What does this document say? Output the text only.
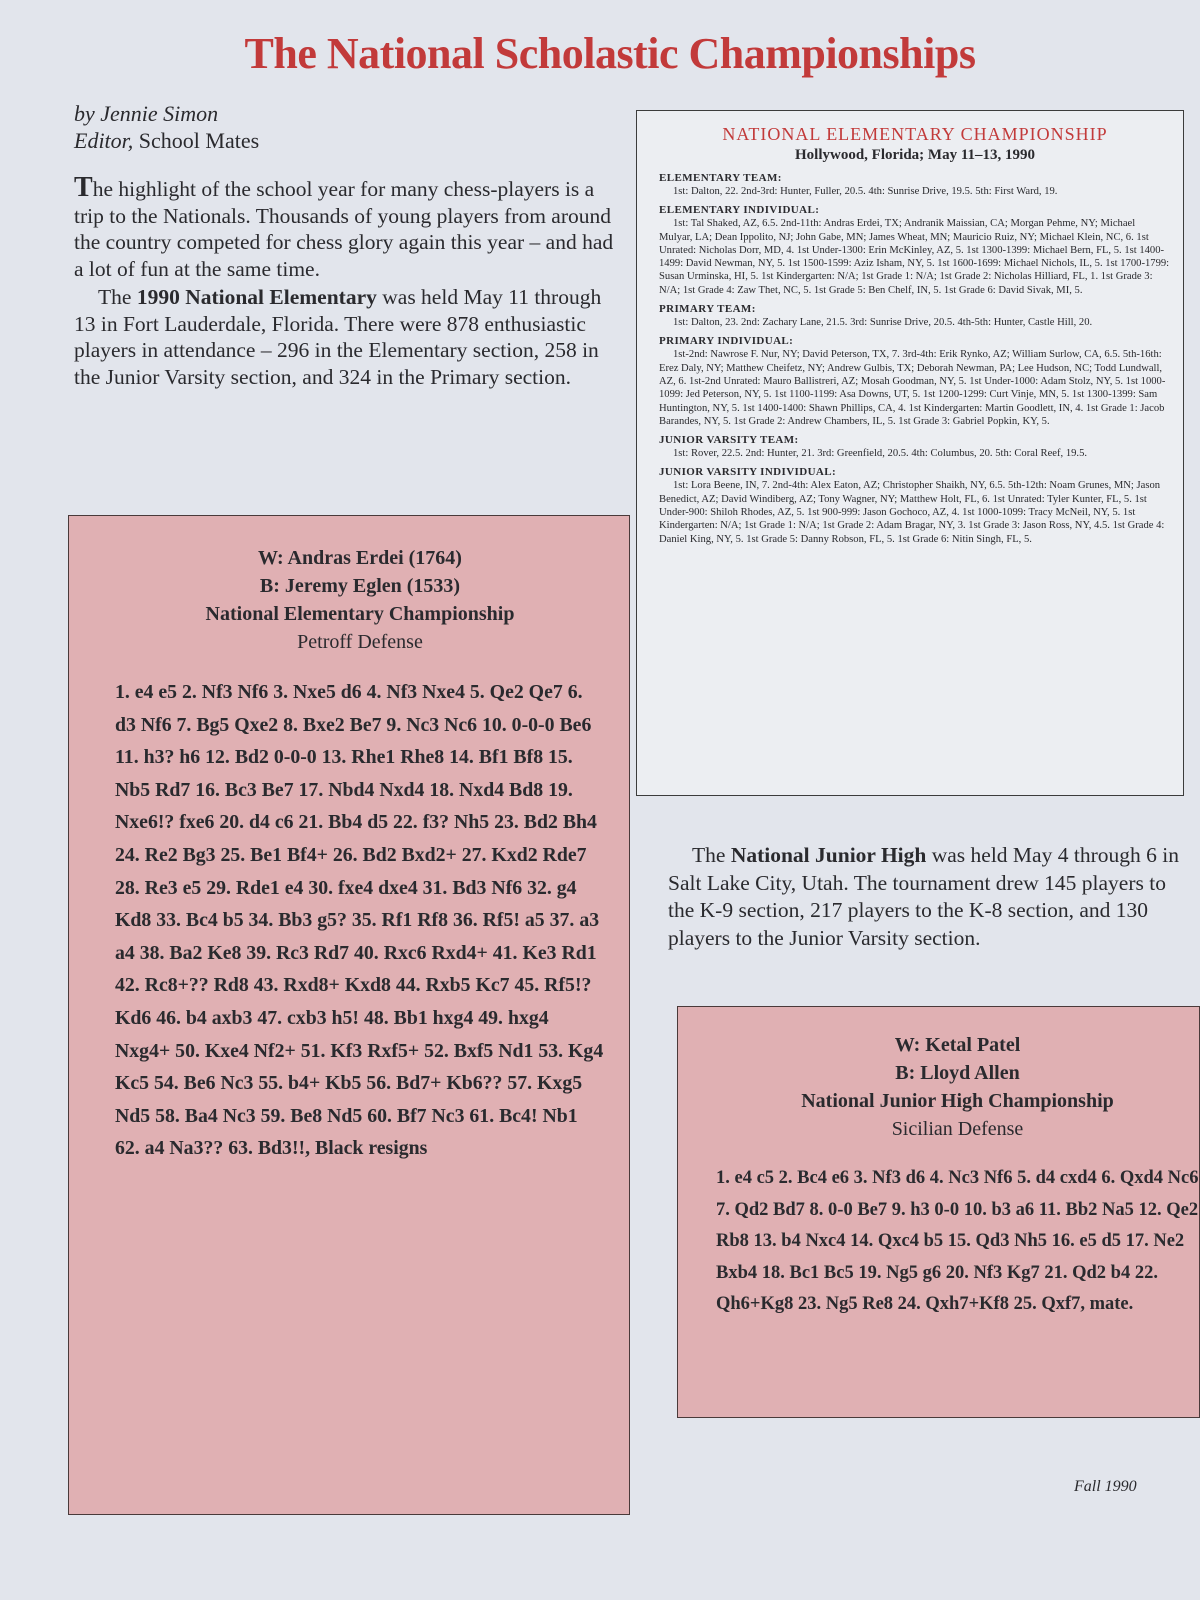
The National Scholastic Championships
by Jennie Simon
Editor, School Mates

The highlight of the school year for many chess-players is a trip to the Nationals. Thousands of young players from around the country competed for chess glory again this year – and had a lot of fun at the same time.

The 1990 National Elementary was held May 11 through 13 in Fort Lauderdale, Florida. There were 878 enthusiastic players in attendance – 296 in the Elementary section, 258 in the Junior Varsity section, and 324 in the Primary section.

NATIONAL ELEMENTARY CHAMPIONSHIP

Hollywood, Florida; May 11–13, 1990

ELEMENTARY TEAM:

1st: Dalton, 22. 2nd-3rd: Hunter, Fuller, 20.5. 4th: Sunrise Drive, 19.5. 5th: First Ward, 19.

ELEMENTARY INDIVIDUAL:

1st: Tal Shaked, AZ, 6.5. 2nd-11th: Andras Erdei, TX; Andranik Maissian, CA; Morgan Pehme, NY; Michael Mulyar, LA; Dean Ippolito, NJ; John Gabe, MN; James Wheat, MN; Mauricio Ruiz, NY; Michael Klein, NC, 6. 1st Unrated: Nicholas Dorr, MD, 4. 1st Under-1300: Erin McKinley, AZ, 5. 1st 1300-1399: Michael Bern, FL, 5. 1st 1400-1499: David Newman, NY, 5. 1st 1500-1599: Aziz Isham, NY, 5. 1st 1600-1699: Michael Nichols, IL, 5. 1st 1700-1799: Susan Urminska, HI, 5. 1st Kindergarten: N/A; 1st Grade 1: N/A; 1st Grade 2: Nicholas Hilliard, FL, 1. 1st Grade 3: N/A; 1st Grade 4: Zaw Thet, NC, 5. 1st Grade 5: Ben Chelf, IN, 5. 1st Grade 6: David Sivak, MI, 5.

PRIMARY TEAM:

1st: Dalton, 23. 2nd: Zachary Lane, 21.5. 3rd: Sunrise Drive, 20.5. 4th-5th: Hunter, Castle Hill, 20.

PRIMARY INDIVIDUAL:

1st-2nd: Nawrose F. Nur, NY; David Peterson, TX, 7. 3rd-4th: Erik Rynko, AZ; William Surlow, CA, 6.5. 5th-16th: Erez Daly, NY; Matthew Cheifetz, NY; Andrew Gulbis, TX; Deborah Newman, PA; Lee Hudson, NC; Todd Lundwall, AZ, 6. 1st-2nd Unrated: Mauro Ballistreri, AZ; Mosah Goodman, NY, 5. 1st Under-1000: Adam Stolz, NY, 5. 1st 1000-1099: Jed Peterson, NY, 5. 1st 1100-1199: Asa Downs, UT, 5. 1st 1200-1299: Curt Vinje, MN, 5. 1st 1300-1399: Sam Huntington, NY, 5. 1st 1400-1400: Shawn Phillips, CA, 4. 1st Kindergarten: Martin Goodlett, IN, 4. 1st Grade 1: Jacob Barandes, NY, 5. 1st Grade 2: Andrew Chambers, IL, 5. 1st Grade 3: Gabriel Popkin, KY, 5.

JUNIOR VARSITY TEAM:

1st: Rover, 22.5. 2nd: Hunter, 21. 3rd: Greenfield, 20.5. 4th: Columbus, 20. 5th: Coral Reef, 19.5.

JUNIOR VARSITY INDIVIDUAL:

1st: Lora Beene, IN, 7. 2nd-4th: Alex Eaton, AZ; Christopher Shaikh, NY, 6.5. 5th-12th: Noam Grunes, MN; Jason Benedict, AZ; David Windiberg, AZ; Tony Wagner, NY; Matthew Holt, FL, 6. 1st Unrated: Tyler Kunter, FL, 5. 1st Under-900: Shiloh Rhodes, AZ, 5. 1st 900-999: Jason Gochoco, AZ, 4. 1st 1000-1099: Tracy McNeil, NY, 5. 1st Kindergarten: N/A; 1st Grade 1: N/A; 1st Grade 2: Adam Bragar, NY, 3. 1st Grade 3: Jason Ross, NY, 4.5. 1st Grade 4: Daniel King, NY, 5. 1st Grade 5: Danny Robson, FL, 5. 1st Grade 6: Nitin Singh, FL, 5.

W: Andras Erdei (1764)
B: Jeremy Eglen (1533)
National Elementary Championship
Petroff Defense

1. e4 e5 2. Nf3 Nf6 3. Nxe5 d6 4. Nf3 Nxe4 5. Qe2 Qe7 6. d3 Nf6 7. Bg5 Qxe2 8. Bxe2 Be7 9. Nc3 Nc6 10. 0-0-0 Be6 11. h3? h6 12. Bd2 0-0-0 13. Rhe1 Rhe8 14. Bf1 Bf8 15. Nb5 Rd7 16. Bc3 Be7 17. Nbd4 Nxd4 18. Nxd4 Bd8 19. Nxe6!? fxe6 20. d4 c6 21. Bb4 d5 22. f3? Nh5 23. Bd2 Bh4 24. Re2 Bg3 25. Be1 Bf4+ 26. Bd2 Bxd2+ 27. Kxd2 Rde7 28. Re3 e5 29. Rde1 e4 30. fxe4 dxe4 31. Bd3 Nf6 32. g4 Kd8 33. Bc4 b5 34. Bb3 g5? 35. Rf1 Rf8 36. Rf5! a5 37. a3 a4 38. Ba2 Ke8 39. Rc3 Rd7 40. Rxc6 Rxd4+ 41. Ke3 Rd1 42. Rc8+?? Rd8 43. Rxd8+ Kxd8 44. Rxb5 Kc7 45. Rf5!? Kd6 46. b4 axb3 47. cxb3 h5! 48. Bb1 hxg4 49. hxg4 Nxg4+ 50. Kxe4 Nf2+ 51. Kf3 Rxf5+ 52. Bxf5 Nd1 53. Kg4 Kc5 54. Be6 Nc3 55. b4+ Kb5 56. Bd7+ Kb6?? 57. Kxg5 Nd5 58. Ba4 Nc3 59. Be8 Nd5 60. Bf7 Nc3 61. Bc4! Nb1 62. a4 Na3?? 63. Bd3!!, Black resigns

The National Junior High was held May 4 through 6 in Salt Lake City, Utah. The tournament drew 145 players to the K-9 section, 217 players to the K-8 section, and 130 players to the Junior Varsity section.

W: Ketal Patel
B: Lloyd Allen
National Junior High Championship
Sicilian Defense

1. e4 c5 2. Bc4 e6 3. Nf3 d6 4. Nc3 Nf6 5. d4 cxd4 6. Qxd4 Nc6 7. Qd2 Bd7 8. 0-0 Be7 9. h3 0-0 10. b3 a6 11. Bb2 Na5 12. Qe2 Rb8 13. b4 Nxc4 14. Qxc4 b5 15. Qd3 Nh5 16. e5 d5 17. Ne2 Bxb4 18. Bc1 Bc5 19. Ng5 g6 20. Nf3 Kg7 21. Qd2 b4 22. Qh6+Kg8 23. Ng5 Re8 24. Qxh7+Kf8 25. Qxf7, mate.

Fall 1990
